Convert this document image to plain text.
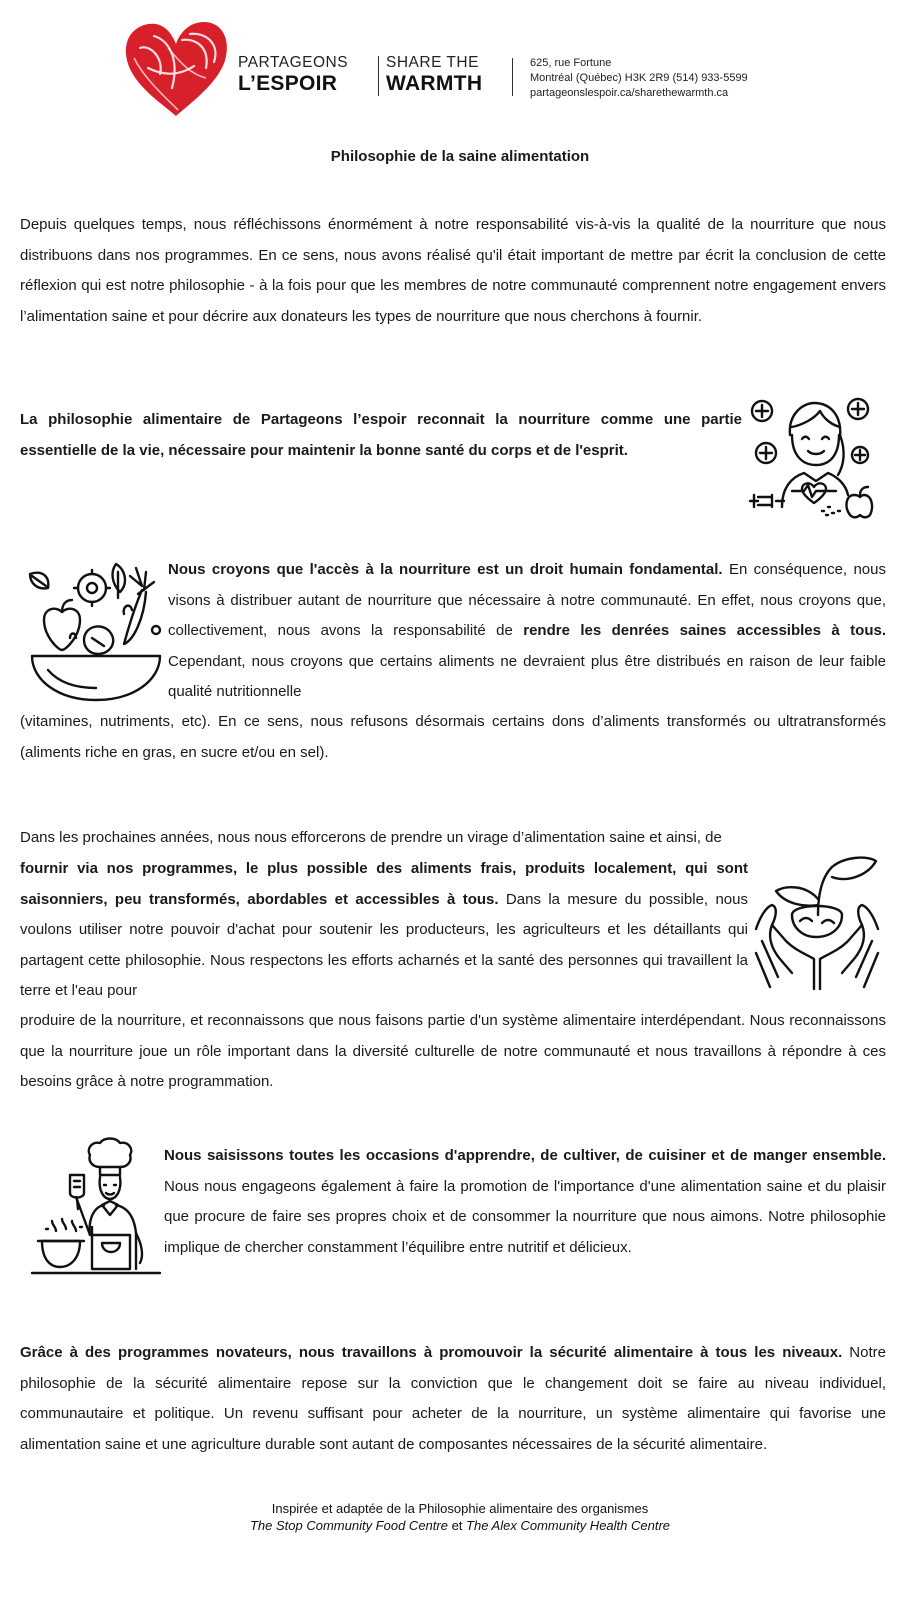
PARTAGEONS
L’ESPOIR
SHARE THE
WARMTH
625, rue Fortune
Montréal (Québec) H3K 2R9 (514) 933-5599
partageonslespoir.ca/sharethewarmth.ca
Philosophie de la saine alimentation
Depuis quelques temps, nous réfléchissons énormément à notre responsabilité vis-à-vis la qualité de la nourriture que nous distribuons dans nos programmes. En ce sens, nous avons réalisé qu'il était important de mettre par écrit la conclusion de cette réflexion qui est notre philosophie - à la fois pour que les membres de notre communauté comprennent notre engagement envers l’alimentation saine et pour décrire aux donateurs les types de nourriture que nous cherchons à fournir.
La philosophie alimentaire de Partageons l’espoir reconnait la nourriture comme une partie essentielle de la vie, nécessaire pour maintenir la bonne santé du corps et de l'esprit.
Nous croyons que l'accès à la nourriture est un droit humain fondamental. En conséquence, nous visons à distribuer autant de nourriture que nécessaire à notre communauté. En effet, nous croyons que, collectivement, nous avons la responsabilité de rendre les denrées saines accessibles à tous. Cependant, nous croyons que certains aliments ne devraient plus être distribués en raison de leur faible qualité nutritionnelle
(vitamines, nutriments, etc). En ce sens, nous refusons désormais certains dons d’aliments transformés ou ultratransformés (aliments riche en gras, en sucre et/ou en sel).
Dans les prochaines années, nous nous efforcerons de prendre un virage d’alimentation saine et ainsi, de
fournir via nos programmes, le plus possible des aliments frais, produits localement, qui sont saisonniers, peu transformés, abordables et accessibles à tous. Dans la mesure du possible, nous voulons utiliser notre pouvoir d'achat pour soutenir les producteurs, les agriculteurs et les détaillants qui partagent cette philosophie. Nous respectons les efforts acharnés et la santé des personnes qui travaillent la terre et l'eau pour
produire de la nourriture, et reconnaissons que nous faisons partie d'un système alimentaire interdépendant. Nous reconnaissons que la nourriture joue un rôle important dans la diversité culturelle de notre communauté et nous travaillons à répondre à ces besoins grâce à notre programmation.
Nous saisissons toutes les occasions d'apprendre, de cultiver, de cuisiner et de manger ensemble. Nous nous engageons également à faire la promotion de l'importance d'une alimentation saine et du plaisir que procure de faire ses propres choix et de consommer la nourriture que nous aimons. Notre philosophie implique de chercher constamment l’équilibre entre nutritif et délicieux.
Grâce à des programmes novateurs, nous travaillons à promouvoir la sécurité alimentaire à tous les niveaux. Notre philosophie de la sécurité alimentaire repose sur la conviction que le changement doit se faire au niveau individuel, communautaire et politique. Un revenu suffisant pour acheter de la nourriture, un système alimentaire qui favorise une alimentation saine et une agriculture durable sont autant de composantes nécessaires de la sécurité alimentaire.
Inspirée et adaptée de la Philosophie alimentaire des organismes
The Stop Community Food Centre et The Alex Community Health Centre
